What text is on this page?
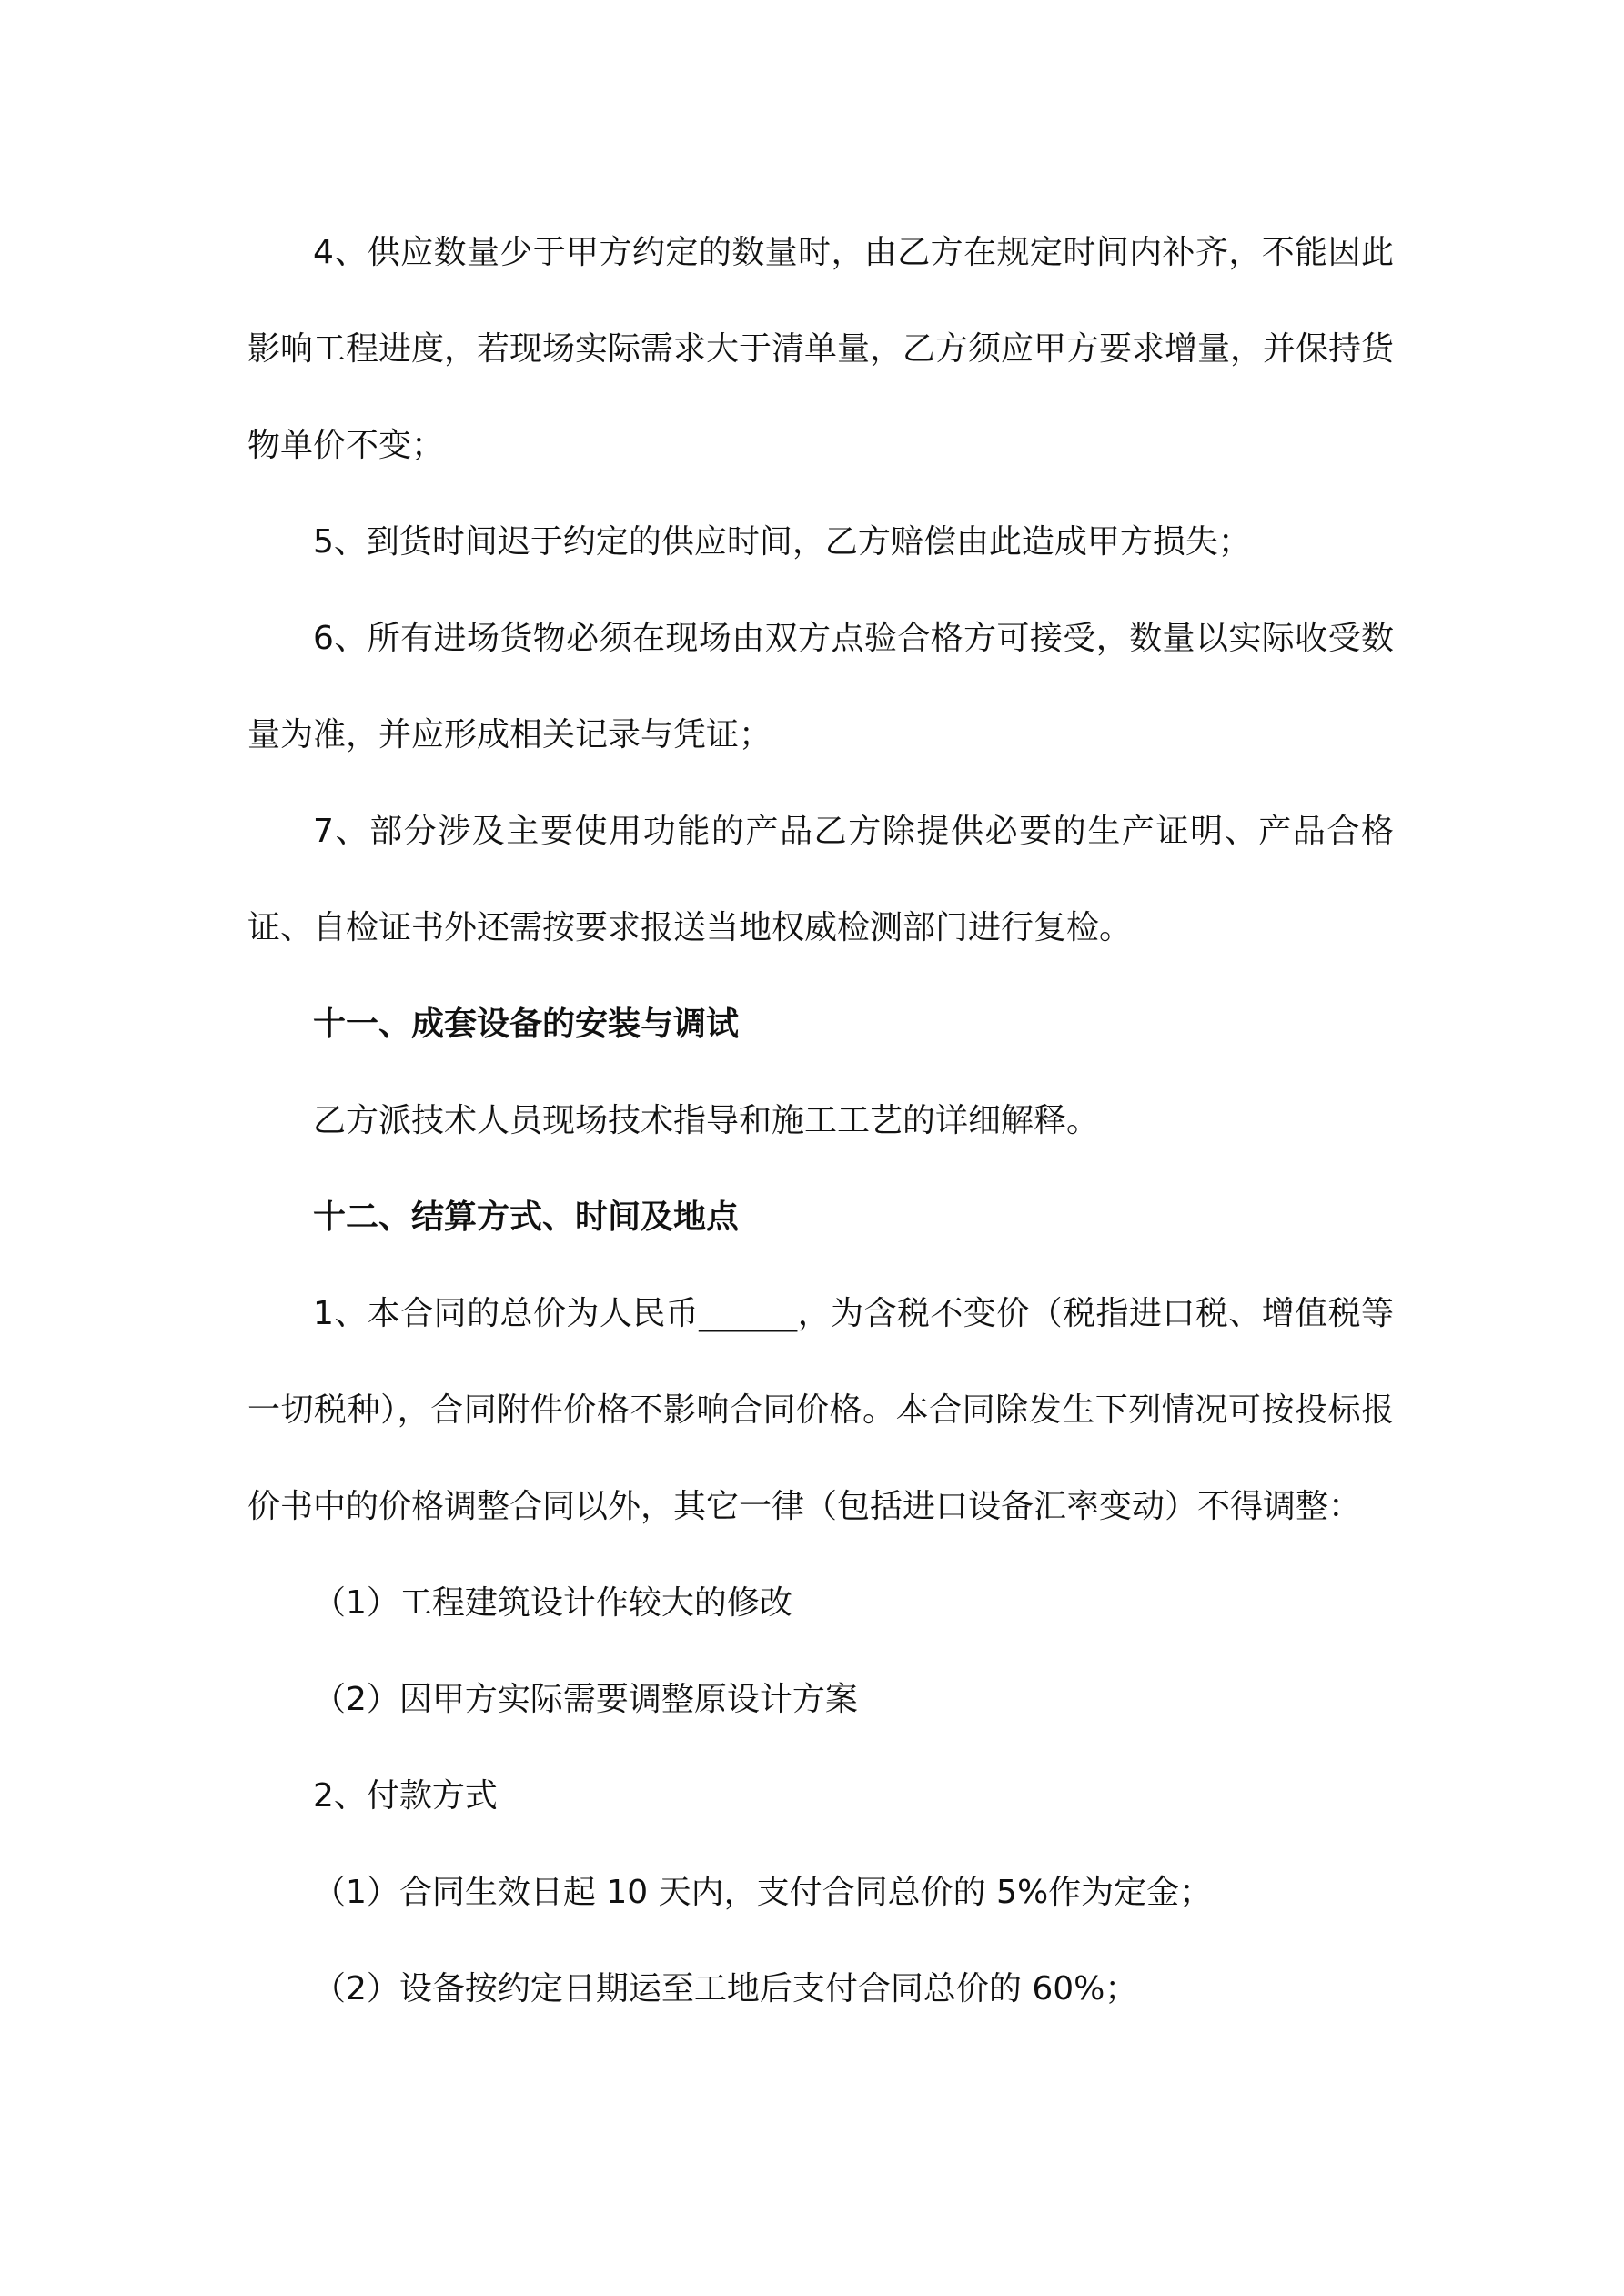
4、供应数量少于甲方约定的数量时，由乙方在规定时间内补齐，不能因此影响工程进度，若现场实际需求大于清单量，乙方须应甲方要求增量，并保持货物单价不变；

5、到货时间迟于约定的供应时间，乙方赔偿由此造成甲方损失；

6、所有进场货物必须在现场由双方点验合格方可接受，数量以实际收受数量为准，并应形成相关记录与凭证；

7、部分涉及主要使用功能的产品乙方除提供必要的生产证明、产品合格证、自检证书外还需按要求报送当地权威检测部门进行复检。

十一、成套设备的安装与调试

乙方派技术人员现场技术指导和施工工艺的详细解释。

十二、结算方式、时间及地点

1、本合同的总价为人民币______，为含税不变价（税指进口税、增值税等一切税种），合同附件价格不影响合同价格。本合同除发生下列情况可按投标报价书中的价格调整合同以外，其它一律（包括进口设备汇率变动）不得调整：

（1）工程建筑设计作较大的修改

（2）因甲方实际需要调整原设计方案

2、付款方式

（1）合同生效日起 10 天内，支付合同总价的 5%作为定金；

（2）设备按约定日期运至工地后支付合同总价的 60%；
